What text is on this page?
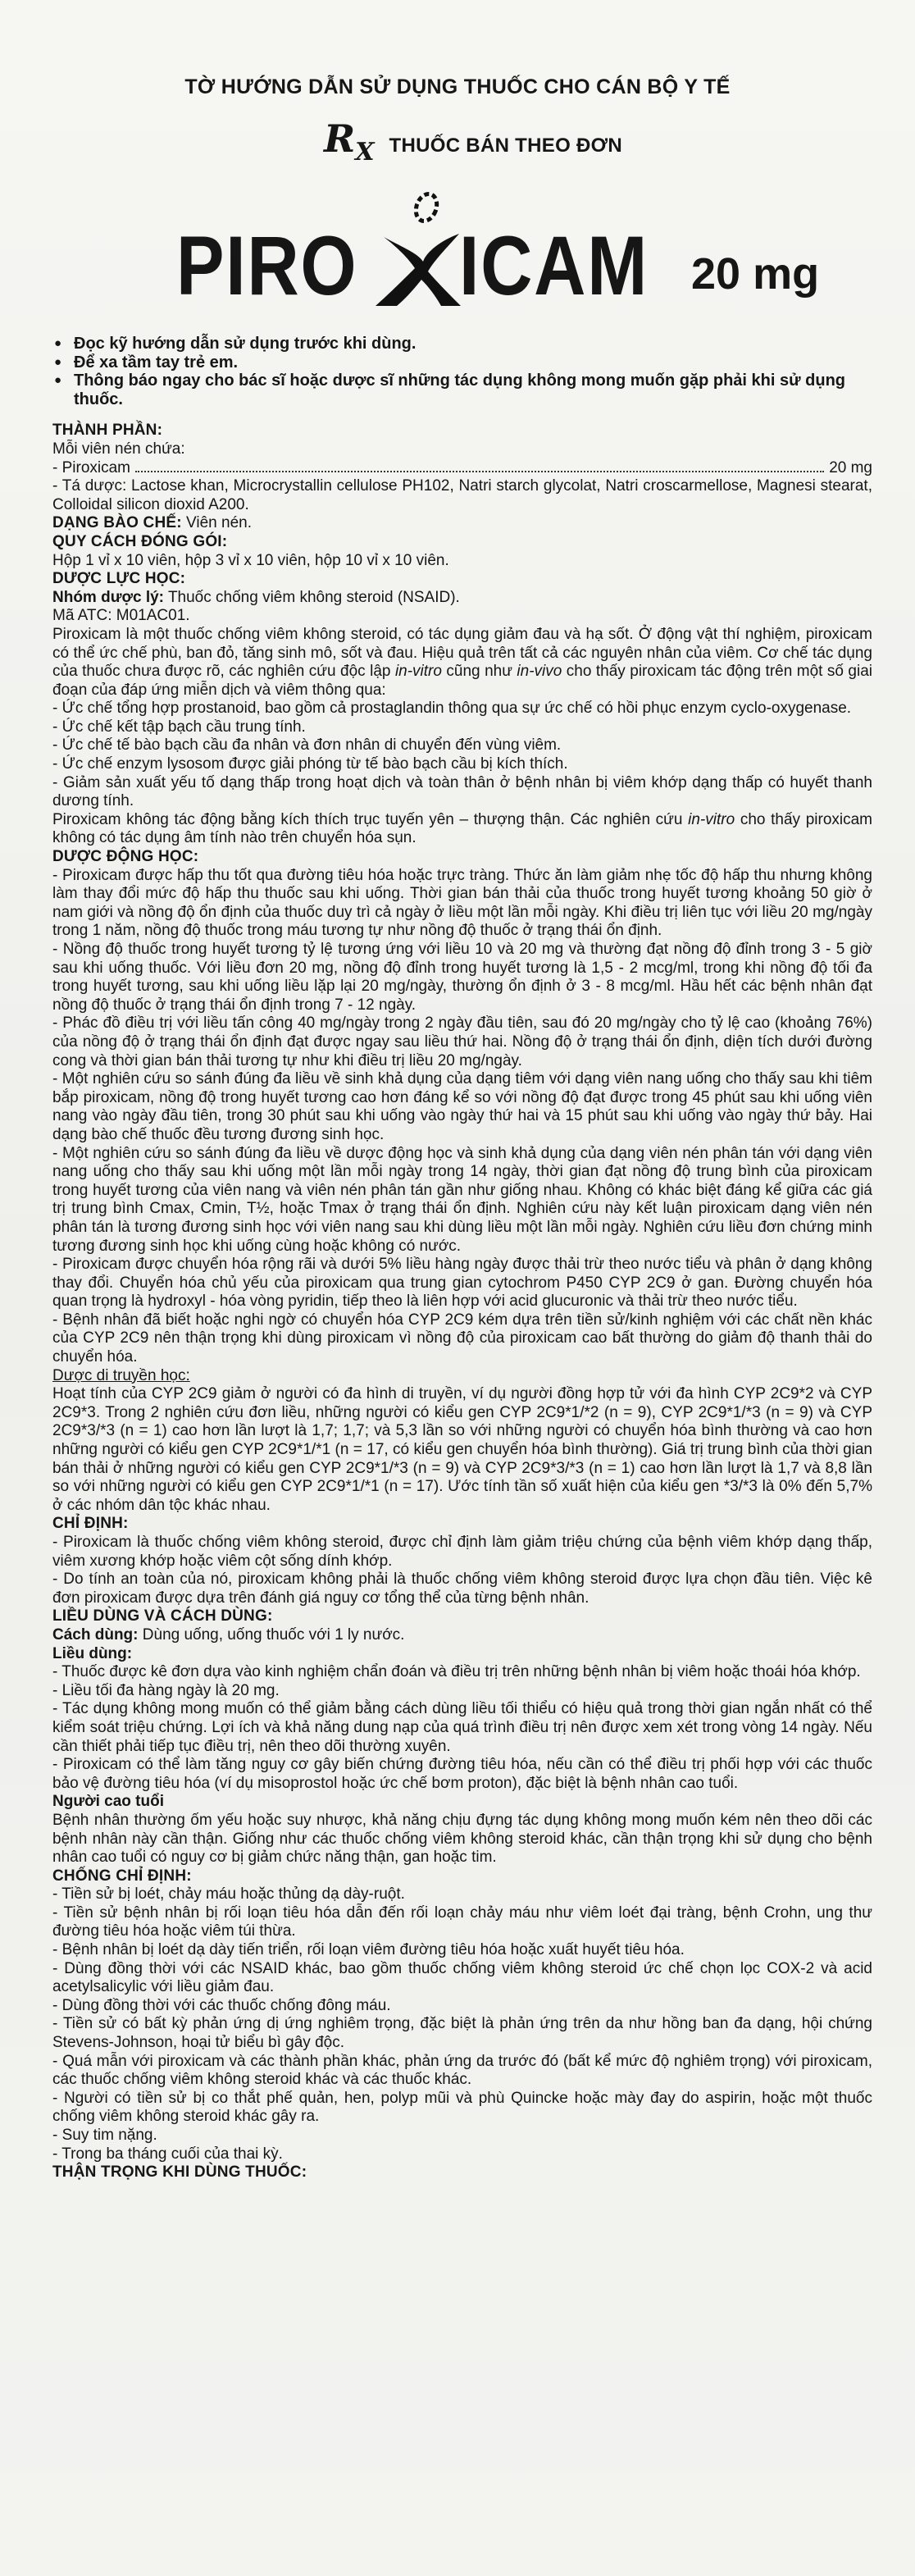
TỜ HƯỚNG DẪN SỬ DỤNG THUỐC CHO CÁN BỘ Y TẾ
$R_X$ THUỐC BÁN THEO ĐƠN
PIRO ICAM 20 mg
● Đọc kỹ hướng dẫn sử dụng trước khi dùng.
● Để xa tầm tay trẻ em.
● Thông báo ngay cho bác sĩ hoặc dược sĩ những tác dụng không mong muốn gặp phải khi sử dụng thuốc.
THÀNH PHẦN:

Mỗi viên nén chứa:

- Piroxicam	20 mg

- Tá dược: Lactose khan, Microcrystallin cellulose PH102, Natri starch glycolat, Natri croscarmellose, Magnesi stearat, Colloidal silicon dioxid A200.

DẠNG BÀO CHẾ: Viên nén.

QUY CÁCH ĐÓNG GÓI:

Hộp 1 vỉ x 10 viên, hộp 3 vỉ x 10 viên, hộp 10 vỉ x 10 viên.

DƯỢC LỰC HỌC:

Nhóm dược lý: Thuốc chống viêm không steroid (NSAID).

Mã ATC: M01AC01.

Piroxicam là một thuốc chống viêm không steroid, có tác dụng giảm đau và hạ sốt. Ở động vật thí nghiệm, piroxicam có thể ức chế phù, ban đỏ, tăng sinh mô, sốt và đau. Hiệu quả trên tất cả các nguyên nhân của viêm. Cơ chế tác dụng của thuốc chưa được rõ, các nghiên cứu độc lập in-vitro cũng như in-vivo cho thấy piroxicam tác động trên một số giai đoạn của đáp ứng miễn dịch và viêm thông qua:

- Ức chế tổng hợp prostanoid, bao gồm cả prostaglandin thông qua sự ức chế có hồi phục enzym cyclo-oxygenase.

- Ức chế kết tập bạch cầu trung tính.

- Ức chế tế bào bạch cầu đa nhân và đơn nhân di chuyển đến vùng viêm.

- Ức chế enzym lysosom được giải phóng từ tế bào bạch cầu bị kích thích.

- Giảm sản xuất yếu tố dạng thấp trong hoạt dịch và toàn thân ở bệnh nhân bị viêm khớp dạng thấp có huyết thanh dương tính.

Piroxicam không tác động bằng kích thích trục tuyến yên – thượng thận. Các nghiên cứu in-vitro cho thấy piroxicam không có tác dụng âm tính nào trên chuyển hóa sụn.

DƯỢC ĐỘNG HỌC:

- Piroxicam được hấp thu tốt qua đường tiêu hóa hoặc trực tràng. Thức ăn làm giảm nhẹ tốc độ hấp thu nhưng không làm thay đổi mức độ hấp thu thuốc sau khi uống. Thời gian bán thải của thuốc trong huyết tương khoảng 50 giờ ở nam giới và nồng độ ổn định của thuốc duy trì cả ngày ở liều một lần mỗi ngày. Khi điều trị liên tục với liều 20 mg/ngày trong 1 năm, nồng độ thuốc trong máu tương tự như nồng độ thuốc ở trạng thái ổn định.

- Nồng độ thuốc trong huyết tương tỷ lệ tương ứng với liều 10 và 20 mg và thường đạt nồng độ đỉnh trong 3 - 5 giờ sau khi uống thuốc. Với liều đơn 20 mg, nồng độ đỉnh trong huyết tương là 1,5 - 2 mcg/ml, trong khi nồng độ tối đa trong huyết tương, sau khi uống liều lặp lại 20 mg/ngày, thường ổn định ở 3 - 8 mcg/ml. Hầu hết các bệnh nhân đạt nồng độ thuốc ở trạng thái ổn định trong 7 - 12 ngày.

- Phác đồ điều trị với liều tấn công 40 mg/ngày trong 2 ngày đầu tiên, sau đó 20 mg/ngày cho tỷ lệ cao (khoảng 76%) của nồng độ ở trạng thái ổn định đạt được ngay sau liều thứ hai. Nồng độ ở trạng thái ổn định, diện tích dưới đường cong và thời gian bán thải tương tự như khi điều trị liều 20 mg/ngày.

- Một nghiên cứu so sánh đúng đa liều về sinh khả dụng của dạng tiêm với dạng viên nang uống cho thấy sau khi tiêm bắp piroxicam, nồng độ trong huyết tương cao hơn đáng kể so với nồng độ đạt được trong 45 phút sau khi uống viên nang vào ngày đầu tiên, trong 30 phút sau khi uống vào ngày thứ hai và 15 phút sau khi uống vào ngày thứ bảy. Hai dạng bào chế thuốc đều tương đương sinh học.

- Một nghiên cứu so sánh đúng đa liều về dược động học và sinh khả dụng của dạng viên nén phân tán với dạng viên nang uống cho thấy sau khi uống một lần mỗi ngày trong 14 ngày, thời gian đạt nồng độ trung bình của piroxicam trong huyết tương của viên nang và viên nén phân tán gần như giống nhau. Không có khác biệt đáng kể giữa các giá trị trung bình Cmax, Cmin, T½, hoặc Tmax ở trạng thái ổn định. Nghiên cứu này kết luận piroxicam dạng viên nén phân tán là tương đương sinh học với viên nang sau khi dùng liều một lần mỗi ngày. Nghiên cứu liều đơn chứng minh tương đương sinh học khi uống cùng hoặc không có nước.

- Piroxicam được chuyển hóa rộng rãi và dưới 5% liều hàng ngày được thải trừ theo nước tiểu và phân ở dạng không thay đổi. Chuyển hóa chủ yếu của piroxicam qua trung gian cytochrom P450 CYP 2C9 ở gan. Đường chuyển hóa quan trọng là hydroxyl - hóa vòng pyridin, tiếp theo là liên hợp với acid glucuronic và thải trừ theo nước tiểu.

- Bệnh nhân đã biết hoặc nghi ngờ có chuyển hóa CYP 2C9 kém dựa trên tiền sử/kinh nghiệm với các chất nền khác của CYP 2C9 nên thận trọng khi dùng piroxicam vì nồng độ của piroxicam cao bất thường do giảm độ thanh thải do chuyển hóa.

Dược di truyền học:

Hoạt tính của CYP 2C9 giảm ở người có đa hình di truyền, ví dụ người đồng hợp tử với đa hình CYP 2C9*2 và CYP 2C9*3. Trong 2 nghiên cứu đơn liều, những người có kiểu gen CYP 2C9*1/*2 (n = 9), CYP 2C9*1/*3 (n = 9) và CYP 2C9*3/*3 (n = 1) cao hơn lần lượt là 1,7; 1,7; và 5,3 lần so với những người có chuyển hóa bình thường và cao hơn những người có kiểu gen CYP 2C9*1/*1 (n = 17, có kiểu gen chuyển hóa bình thường). Giá trị trung bình của thời gian bán thải ở những người có kiểu gen CYP 2C9*1/*3 (n = 9) và CYP 2C9*3/*3 (n = 1) cao hơn lần lượt là 1,7 và 8,8 lần so với những người có kiểu gen CYP 2C9*1/*1 (n = 17). Ước tính tần số xuất hiện của kiểu gen *3/*3 là 0% đến 5,7% ở các nhóm dân tộc khác nhau.

CHỈ ĐỊNH:

- Piroxicam là thuốc chống viêm không steroid, được chỉ định làm giảm triệu chứng của bệnh viêm khớp dạng thấp, viêm xương khớp hoặc viêm cột sống dính khớp.

- Do tính an toàn của nó, piroxicam không phải là thuốc chống viêm không steroid được lựa chọn đầu tiên. Việc kê đơn piroxicam được dựa trên đánh giá nguy cơ tổng thể của từng bệnh nhân.

LIỀU DÙNG VÀ CÁCH DÙNG:

Cách dùng: Dùng uống, uống thuốc với 1 ly nước.

Liều dùng:

- Thuốc được kê đơn dựa vào kinh nghiệm chẩn đoán và điều trị trên những bệnh nhân bị viêm hoặc thoái hóa khớp.

- Liều tối đa hàng ngày là 20 mg.

- Tác dụng không mong muốn có thể giảm bằng cách dùng liều tối thiểu có hiệu quả trong thời gian ngắn nhất có thể kiểm soát triệu chứng. Lợi ích và khả năng dung nạp của quá trình điều trị nên được xem xét trong vòng 14 ngày. Nếu cần thiết phải tiếp tục điều trị, nên theo dõi thường xuyên.

- Piroxicam có thể làm tăng nguy cơ gây biến chứng đường tiêu hóa, nếu cần có thể điều trị phối hợp với các thuốc bảo vệ đường tiêu hóa (ví dụ misoprostol hoặc ức chế bơm proton), đặc biệt là bệnh nhân cao tuổi.

Người cao tuổi

Bệnh nhân thường ốm yếu hoặc suy nhược, khả năng chịu đựng tác dụng không mong muốn kém nên theo dõi các bệnh nhân này cần thận. Giống như các thuốc chống viêm không steroid khác, cần thận trọng khi sử dụng cho bệnh nhân cao tuổi có nguy cơ bị giảm chức năng thận, gan hoặc tim.

CHỐNG CHỈ ĐỊNH:

- Tiền sử bị loét, chảy máu hoặc thủng dạ dày-ruột.

- Tiền sử bệnh nhân bị rối loạn tiêu hóa dẫn đến rối loạn chảy máu như viêm loét đại tràng, bệnh Crohn, ung thư đường tiêu hóa hoặc viêm túi thừa.

- Bệnh nhân bị loét dạ dày tiến triển, rối loạn viêm đường tiêu hóa hoặc xuất huyết tiêu hóa.

- Dùng đồng thời với các NSAID khác, bao gồm thuốc chống viêm không steroid ức chế chọn lọc COX-2 và acid acetylsalicylic với liều giảm đau.

- Dùng đồng thời với các thuốc chống đông máu.

- Tiền sử có bất kỳ phản ứng dị ứng nghiêm trọng, đặc biệt là phản ứng trên da như hồng ban đa dạng, hội chứng Stevens-Johnson, hoại tử biểu bì gây độc.

- Quá mẫn với piroxicam và các thành phần khác, phản ứng da trước đó (bất kể mức độ nghiêm trọng) với piroxicam, các thuốc chống viêm không steroid khác và các thuốc khác.

- Người có tiền sử bị co thắt phế quản, hen, polyp mũi và phù Quincke hoặc mày đay do aspirin, hoặc một thuốc chống viêm không steroid khác gây ra.

- Suy tim nặng.

- Trong ba tháng cuối của thai kỳ.

THẬN TRỌNG KHI DÙNG THUỐC:
